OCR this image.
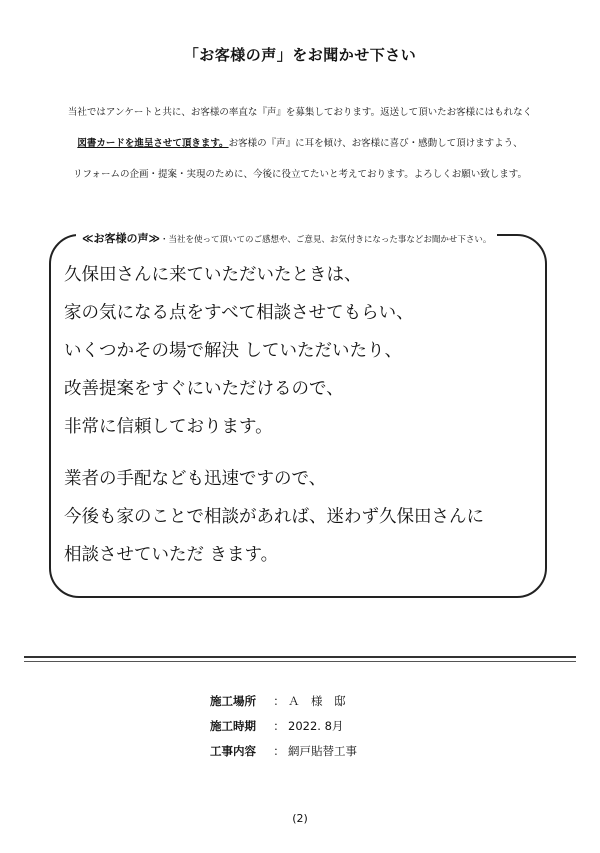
「お客様の声」をお聞かせ下さい
当社ではアンケートと共に、お客様の率直な『声』を募集しております。返送して頂いたお客様にはもれなく
図書カードを進呈させて頂きます。お客様の『声』に耳を傾け、お客様に喜び・感動して頂けますよう、
リフォームの企画・提案・実現のために、今後に役立てたいと考えております。よろしくお願い致します。
≪お客様の声≫・当社を使って頂いてのご感想や、ご意見、お気付きになった事などお聞かせ下さい。
久保田さんに来ていただいたときは、
家の気になる点をすべて相談させてもらい、
いくつかその場で解決 していただいたり、
改善提案をすぐにいただけるので、
非常に信頼しております。
業者の手配なども迅速ですので、
今後も家のことで相談があれば、迷わず久保田さんに
相談させていただ きます。
施工場所 ： Ａ　様　邸
施工時期 ： 2022. 8月
工事内容 ： 網戸貼替工事
(2)
